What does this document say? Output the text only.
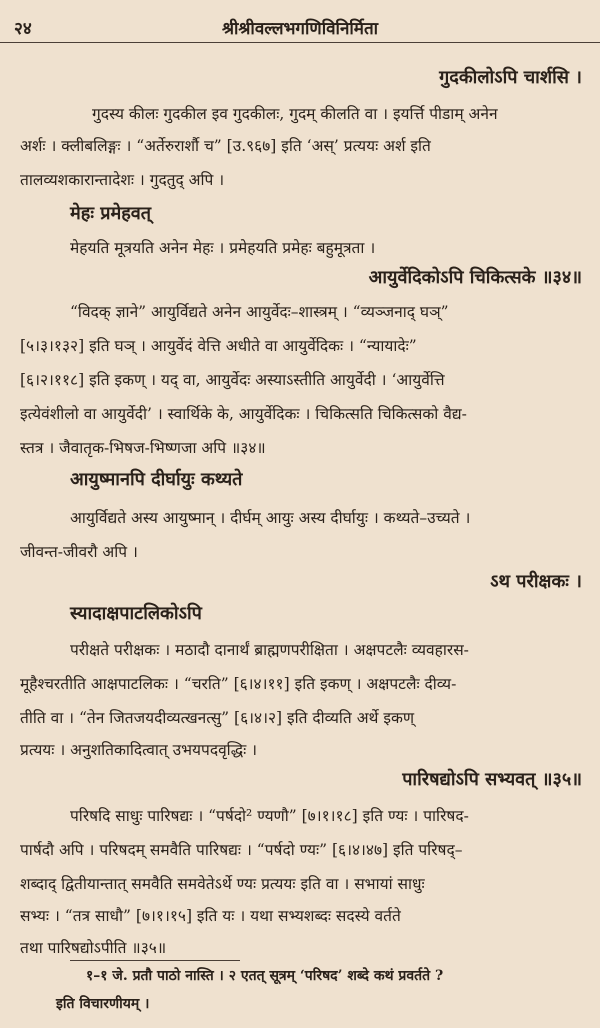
२४	श्रीश्रीवल्लभगणिविनिर्मिता
गुदकीलोऽपि चार्शसि ।
गुदस्य कीलः गुदकील इव गुदकीलः, गुदम् कीलति वा । इयर्त्ति पीडाम् अनेन
अर्शः । क्लीबलिङ्गः । “अर्तेरुरार्शौ च” [उ.९६७] इति ‘अस्’ प्रत्ययः अर्श इति
तालव्यशकारान्तादेशः । गुदतुद् अपि ।
मेहः प्रमेहवत्
मेहयति मूत्रयति अनेन मेहः । प्रमेहयति प्रमेहः बहुमूत्रता ।
आयुर्वेदिकोऽपि चिकित्सके ॥३४॥
“विदक् ज्ञाने” आयुर्विद्यते अनेन आयुर्वेदः–शास्त्रम् । “व्यञ्जनाद् घञ्”
[५।३।१३२] इति घञ् । आयुर्वेदं वेत्ति अधीते वा आयुर्वेदिकः । “न्यायादेः”
[६।२।११८] इति इकण् । यद् वा, आयुर्वेदः अस्याऽस्तीति आयुर्वेदी । ‘आयुर्वेत्ति
इत्येवंशीलो वा आयुर्वेदी’ । स्वार्थिके के, आयुर्वेदिकः । चिकित्सति चिकित्सको वैद्य-
स्तत्र । जैवातृक-भिषज-भिष्णजा अपि ॥३४॥
आयुष्मानपि दीर्घायुः कथ्यते
आयुर्विद्यते अस्य आयुष्मान् । दीर्घम् आयुः अस्य दीर्घायुः । कथ्यते–उच्यते ।
जीवन्त-जीवरौ अपि ।
ऽथ परीक्षकः ।
स्यादाक्षपाटलिकोऽपि
परीक्षते परीक्षकः । मठादौ दानार्थं ब्राह्मणपरीक्षिता । अक्षपटलैः व्यवहारस-
मूहैश्चरतीति आक्षपाटलिकः । “चरति” [६।४।११] इति इकण् । अक्षपटलैः दीव्य-
तीति वा । “तेन जितजयदीव्यत्खनत्सु” [६।४।२] इति दीव्यति अर्थे इकण्
प्रत्ययः । अनुशतिकादित्वात् उभयपदवृद्धिः ।
पारिषद्योऽपि सभ्यवत् ॥३५॥
परिषदि साधुः पारिषद्यः । “पर्षदो² ण्यणौ” [७।१।१८] इति ण्यः । पारिषद-
पार्षदौ अपि । परिषदम् समवैति पारिषद्यः । “पर्षदो ण्यः” [६।४।४७] इति परिषद्–
शब्दाद् द्वितीयान्तात् समवैति समवेतेऽर्थे ण्यः प्रत्ययः इति वा । सभायां साधुः
सभ्यः । “तत्र साधौ” [७।१।१५] इति यः । यथा सभ्यशब्दः सदस्ये वर्तते
तथा पारिषद्योऽपीति ॥३५॥
१–१ जे. प्रतौ पाठो नास्ति । २ एतत् सूत्रम् ‘परिषद’ शब्दे कथं प्रवर्तते ?
इति विचारणीयम् ।
